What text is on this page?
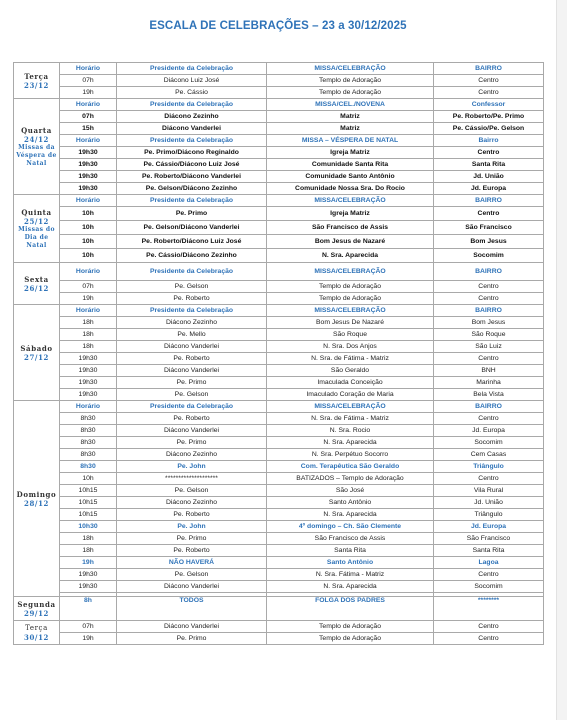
ESCALA DE CELEBRAÇÕES – 23 a 30/12/2025
Terça
23/12	Horário	Presidente da Celebração	MISSA/CELEBRAÇÃO	BAIRRO
	07h	Diácono Luiz José	Templo de Adoração	Centro
	19h	Pe. Cássio	Templo de Adoração	Centro
Quarta
24/12
Missas da Véspera de Natal	Horário	Presidente da Celebração	MISSA/CEL./NOVENA	Confessor
	07h	Diácono Zezinho	Matriz	Pe. Roberto/Pe. Primo
	15h	Diácono Vanderlei	Matriz	Pe. Cássio/Pe. Gelson
	Horário	Presidente da Celebração	MISSA – VÉSPERA DE NATAL	Bairro
	19h30	Pe. Primo/Diácono Reginaldo	Igreja Matriz	Centro
	19h30	Pe. Cássio/Diácono Luiz José	Comunidade Santa Rita	Santa Rita
	19h30	Pe. Roberto/Diácono Vanderlei	Comunidade Santo Antônio	Jd. União
	19h30	Pe. Gelson/Diácono Zezinho	Comunidade Nossa Sra. Do Rocio	Jd. Europa
Quinta
25/12
Missas do Dia de Natal	Horário	Presidente da Celebração	MISSA/CELEBRAÇÃO	BAIRRO
	10h	Pe. Primo	Igreja Matriz	Centro
	10h	Pe. Gelson/Diácono Vanderlei	São Francisco de Assis	São Francisco
	10h	Pe. Roberto/Diácono Luiz José	Bom Jesus de Nazaré	Bom Jesus
	10h	Pe. Cássio/Diácono Zezinho	N. Sra. Aparecida	Socomim
Sexta
26/12	Horário	Presidente da Celebração	MISSA/CELEBRAÇÃO	BAIRRO
	07h	Pe. Gelson	Templo de Adoração	Centro
	19h	Pe. Roberto	Templo de Adoração	Centro
Sábado
27/12	Horário	Presidente da Celebração	MISSA/CELEBRAÇÃO	BAIRRO
	18h	Diácono Zezinho	Bom Jesus De Nazaré	Bom Jesus
	18h	Pe. Mello	São Roque	São Roque
	18h	Diácono Vanderlei	N. Sra. Dos Anjos	São Luiz
	19h30	Pe. Roberto	N. Sra. de Fátima - Matriz	Centro
	19h30	Diácono Vanderlei	São Geraldo	BNH
	19h30	Pe. Primo	Imaculada Conceição	Marinha
	19h30	Pe. Gelson	Imaculado Coração de Maria	Bela Vista
Domingo
28/12	Horário	Presidente da Celebração	MISSA/CELEBRAÇÃO	BAIRRO
	8h30	Pe. Roberto	N. Sra. de Fátima - Matriz	Centro
	8h30	Diácono Vanderlei	N. Sra. Rocio	Jd. Europa
	8h30	Pe. Primo	N. Sra. Aparecida	Socomim
	8h30	Diácono Zezinho	N. Sra. Perpétuo Socorro	Cem Casas
	8h30	Pe. John	Com. Terapêutica São Geraldo	Triângulo
	10h	********************	BATIZADOS – Templo de Adoração	Centro
	10h15	Pe. Gelson	São José	Vila Rural
	10h15	Diácono Zezinho	Santo Antônio	Jd. União
	10h15	Pe. Roberto	N. Sra. Aparecida	Triângulo
	10h30	Pe. John	4º domingo – Ch. São Clemente	Jd. Europa
	18h	Pe. Primo	São Francisco de Assis	São Francisco
	18h	Pe. Roberto	Santa Rita	Santa Rita
	19h	NÃO HAVERÁ	Santo Antônio	Lagoa
	19h30	Pe. Gelson	N. Sra. Fátima - Matriz	Centro
	19h30	Diácono Vanderlei	N. Sra. Aparecida	Socomim

Segunda
29/12	8h	TODOS	FOLGA DOS PADRES	********
Terça
30/12	07h	Diácono Vanderlei	Templo de Adoração	Centro
	19h	Pe. Primo	Templo de Adoração	Centro
